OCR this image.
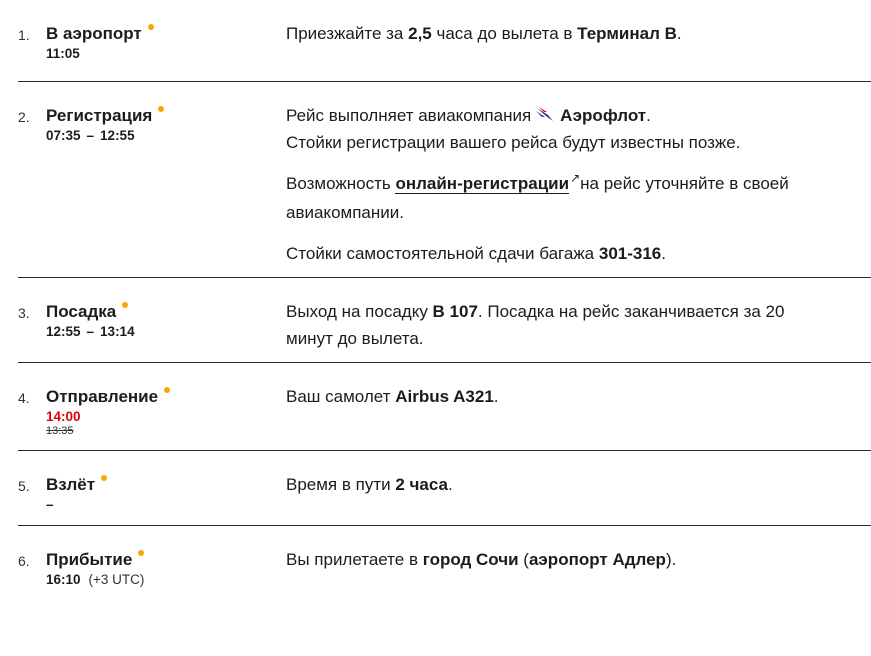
1. В аэропорт
11:05

Приезжайте за 2,5 часа до вылета в Терминал B.

2. Регистрация
07:35 – 12:55

Рейс выполняет авиакомпания Аэрофлот.
Стойки регистрации вашего рейса будут известны позже.

Возможность онлайн-регистрации↗на рейс уточняйте в своей авиакомпании.

Стойки самостоятельной сдачи багажа 301-316.

3. Посадка
12:55 – 13:14

Выход на посадку B 107. Посадка на рейс заканчивается за 20 минут до вылета.

4. Отправление
14:00
13:35

Ваш самолет Airbus A321.

5. Взлёт
–

Время в пути 2 часа.

6. Прибытие
16:10 (+3 UTC)

Вы прилетаете в город Сочи (аэропорт Адлер).
